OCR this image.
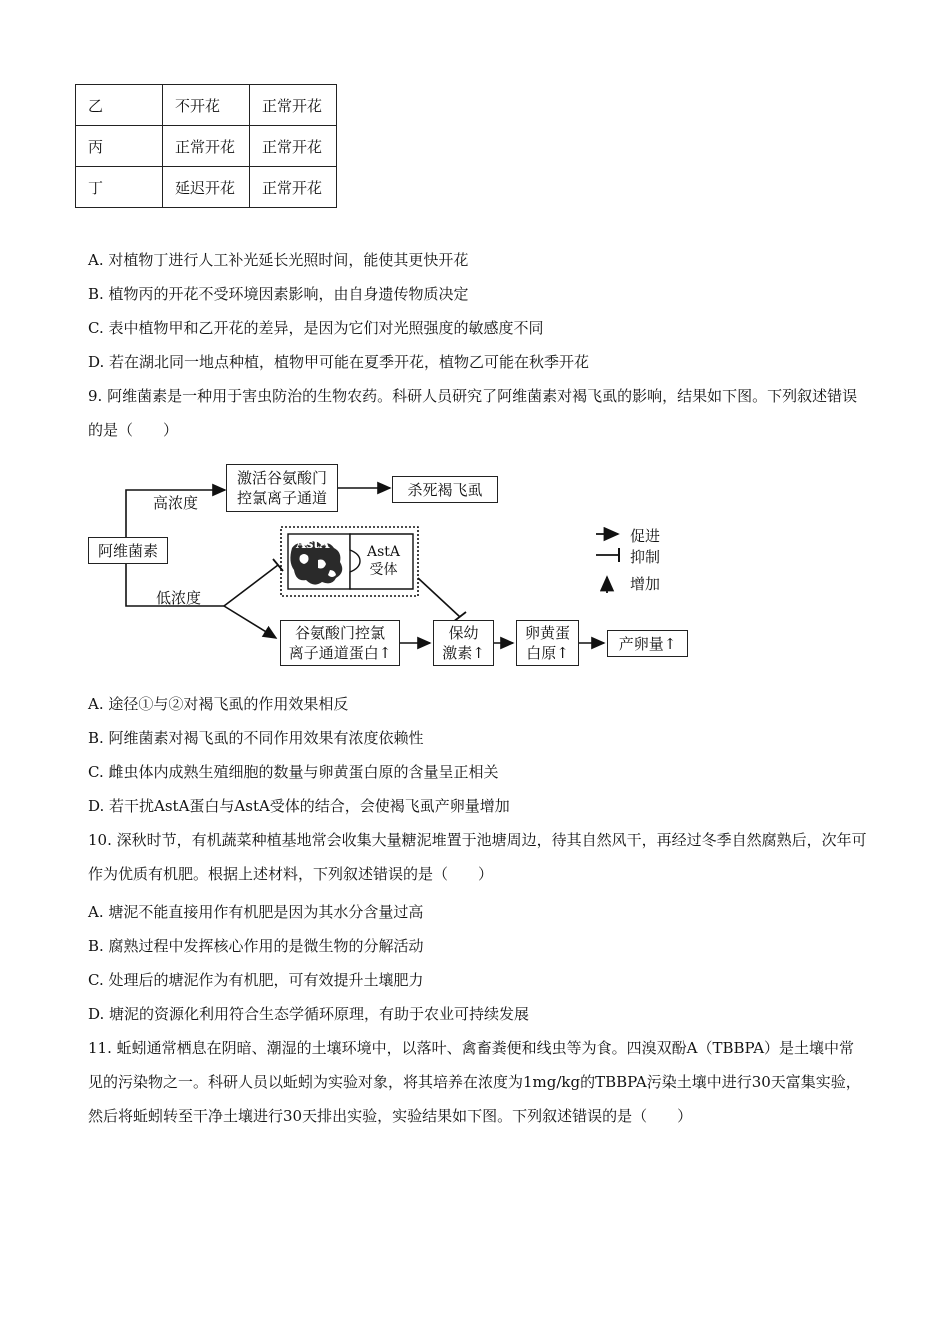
乙	不开花	正常开花
丙	正常开花	正常开花
丁	延迟开花	正常开花
A. 对植物丁进行人工补光延长光照时间，能使其更快开花
B. 植物丙的开花不受环境因素影响，由自身遗传物质决定
C. 表中植物甲和乙开花的差异，是因为它们对光照强度的敏感度不同
D. 若在湖北同一地点种植，植物甲可能在夏季开花，植物乙可能在秋季开花
9. 阿维菌素是一种用于害虫防治的生物农药。科研人员研究了阿维菌素对褐飞虱的影响，结果如下图。下列叙述错误的是（　　）
阿维菌素
高浓度
低浓度
激活谷氨酸门
控氯离子通道	杀死褐飞虱
AstA	AstA
受体
谷氨酸门控氯
离子通道蛋白↑
保幼
激素↑
卵黄蛋
白原↑
产卵量↑
促进
抑制
增加
A. 途径①与②对褐飞虱的作用效果相反
B. 阿维菌素对褐飞虱的不同作用效果有浓度依赖性
C. 雌虫体内成熟生殖细胞的数量与卵黄蛋白原的含量呈正相关
D. 若干扰AstA蛋白与AstA受体的结合，会使褐飞虱产卵量增加
10. 深秋时节，有机蔬菜种植基地常会收集大量糖泥堆置于池塘周边，待其自然风干，再经过冬季自然腐熟后，次年可作为优质有机肥。根据上述材料，下列叙述错误的是（　　）
A. 塘泥不能直接用作有机肥是因为其水分含量过高
B. 腐熟过程中发挥核心作用的是微生物的分解活动
C. 处理后的塘泥作为有机肥，可有效提升土壤肥力
D. 塘泥的资源化利用符合生态学循环原理，有助于农业可持续发展
11. 蚯蚓通常栖息在阴暗、潮湿的土壤环境中，以落叶、禽畜粪便和线虫等为食。四溴双酚A（TBBPA）是土壤中常见的污染物之一。科研人员以蚯蚓为实验对象，将其培养在浓度为1mg/kg的TBBPA污染土壤中进行30天富集实验，然后将蚯蚓转至干净土壤进行30天排出实验，实验结果如下图。下列叙述错误的是（　　）
